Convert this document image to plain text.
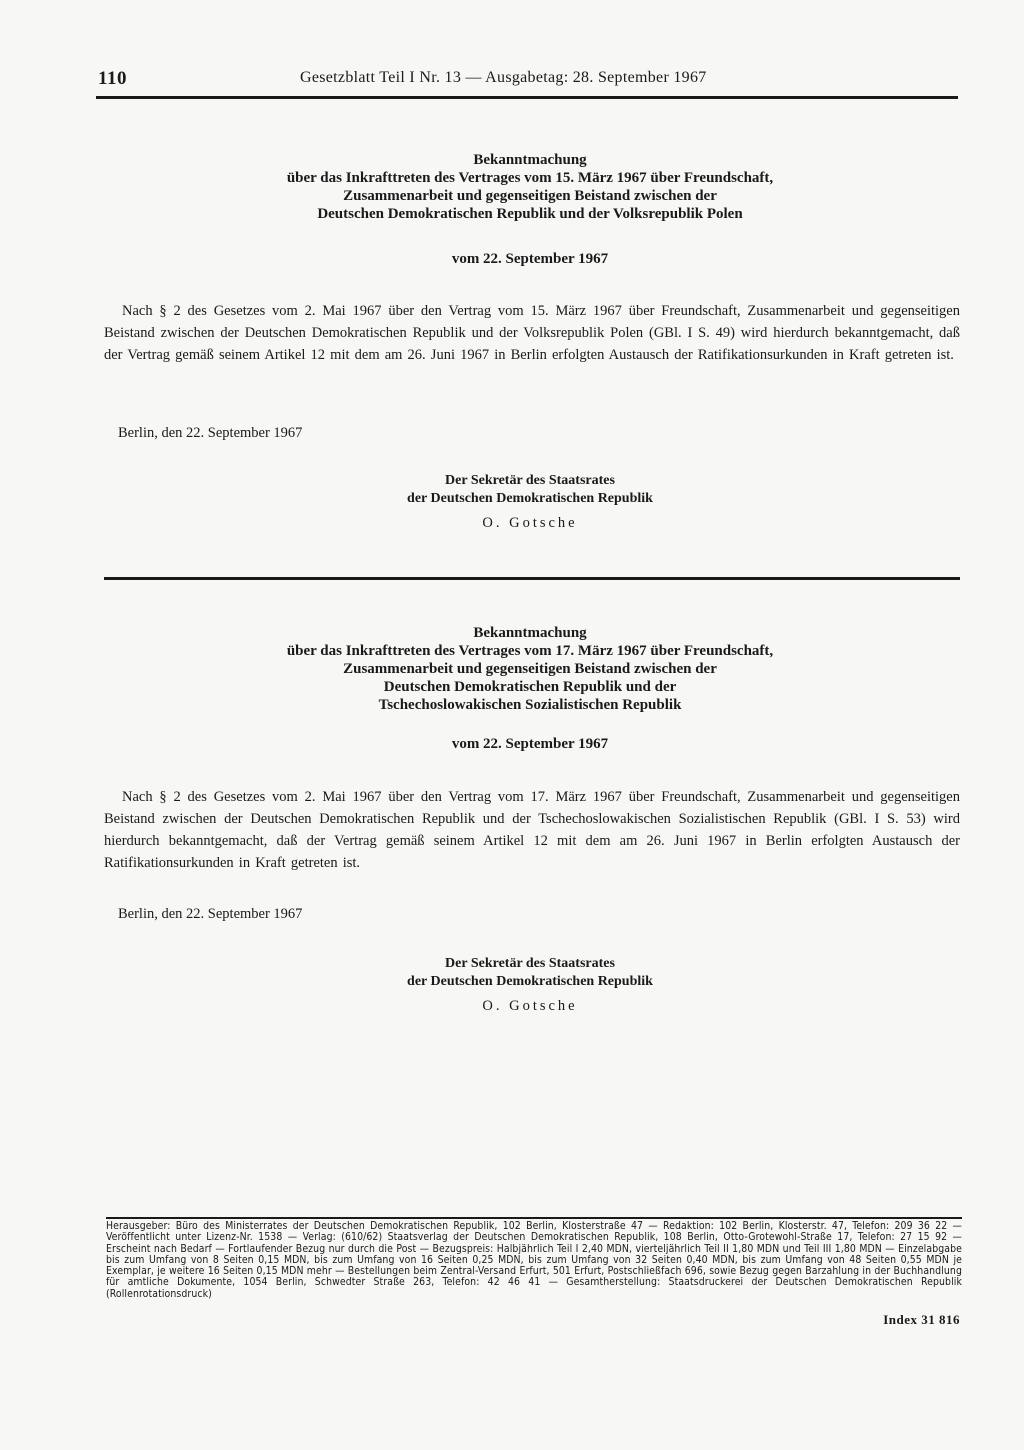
110	Gesetzblatt Teil I Nr. 13 — Ausgabetag: 28. September 1967
Bekanntmachung
über das Inkrafttreten des Vertrages vom 15. März 1967 über Freundschaft,
Zusammenarbeit und gegenseitigen Beistand zwischen der
Deutschen Demokratischen Republik und der Volksrepublik Polen
vom 22. September 1967
Nach § 2 des Gesetzes vom 2. Mai 1967 über den Vertrag vom 15. März 1967 über Freundschaft, Zusammenarbeit und gegenseitigen Beistand zwischen der Deutschen Demokratischen Republik und der Volksrepublik Polen (GBl. I S. 49) wird hierdurch bekanntgemacht, daß der Vertrag gemäß seinem Artikel 12 mit dem am 26. Juni 1967 in Berlin erfolgten Austausch der Ratifikationsurkunden in Kraft getreten ist.
Berlin, den 22. September 1967
Der Sekretär des Staatsrates
der Deutschen Demokratischen Republik
O. Gotsche
Bekanntmachung
über das Inkrafttreten des Vertrages vom 17. März 1967 über Freundschaft,
Zusammenarbeit und gegenseitigen Beistand zwischen der
Deutschen Demokratischen Republik und der
Tschechoslowakischen Sozialistischen Republik
vom 22. September 1967
Nach § 2 des Gesetzes vom 2. Mai 1967 über den Vertrag vom 17. März 1967 über Freundschaft, Zusammenarbeit und gegenseitigen Beistand zwischen der Deutschen Demokratischen Republik und der Tschechoslowakischen Sozialistischen Republik (GBl. I S. 53) wird hierdurch bekanntgemacht, daß der Vertrag gemäß seinem Artikel 12 mit dem am 26. Juni 1967 in Berlin erfolgten Austausch der Ratifikationsurkunden in Kraft getreten ist.
Berlin, den 22. September 1967
Der Sekretär des Staatsrates
der Deutschen Demokratischen Republik
O. Gotsche
Herausgeber: Büro des Ministerrates der Deutschen Demokratischen Republik, 102 Berlin, Klosterstraße 47 — Redaktion: 102 Berlin, Klosterstr. 47, Telefon: 209 36 22 — Veröffentlicht unter Lizenz-Nr. 1538 — Verlag: (610/62) Staatsverlag der Deutschen Demokratischen Republik, 108 Berlin, Otto-Grotewohl-Straße 17, Telefon: 27 15 92 — Erscheint nach Bedarf — Fortlaufender Bezug nur durch die Post — Bezugspreis: Halbjährlich Teil I 2,40 MDN, vierteljährlich Teil II 1,80 MDN und Teil III 1,80 MDN — Einzelabgabe bis zum Umfang von 8 Seiten 0,15 MDN, bis zum Umfang von 16 Seiten 0,25 MDN, bis zum Umfang von 32 Seiten 0,40 MDN, bis zum Umfang von 48 Seiten 0,55 MDN je Exemplar, je weitere 16 Seiten 0,15 MDN mehr — Bestellungen beim Zentral-Versand Erfurt, 501 Erfurt, Postschließfach 696, sowie Bezug gegen Barzahlung in der Buchhandlung für amtliche Dokumente, 1054 Berlin, Schwedter Straße 263, Telefon: 42 46 41 — Gesamtherstellung: Staatsdruckerei der Deutschen Demokratischen Republik (Rollenrotationsdruck)
Index 31 816
